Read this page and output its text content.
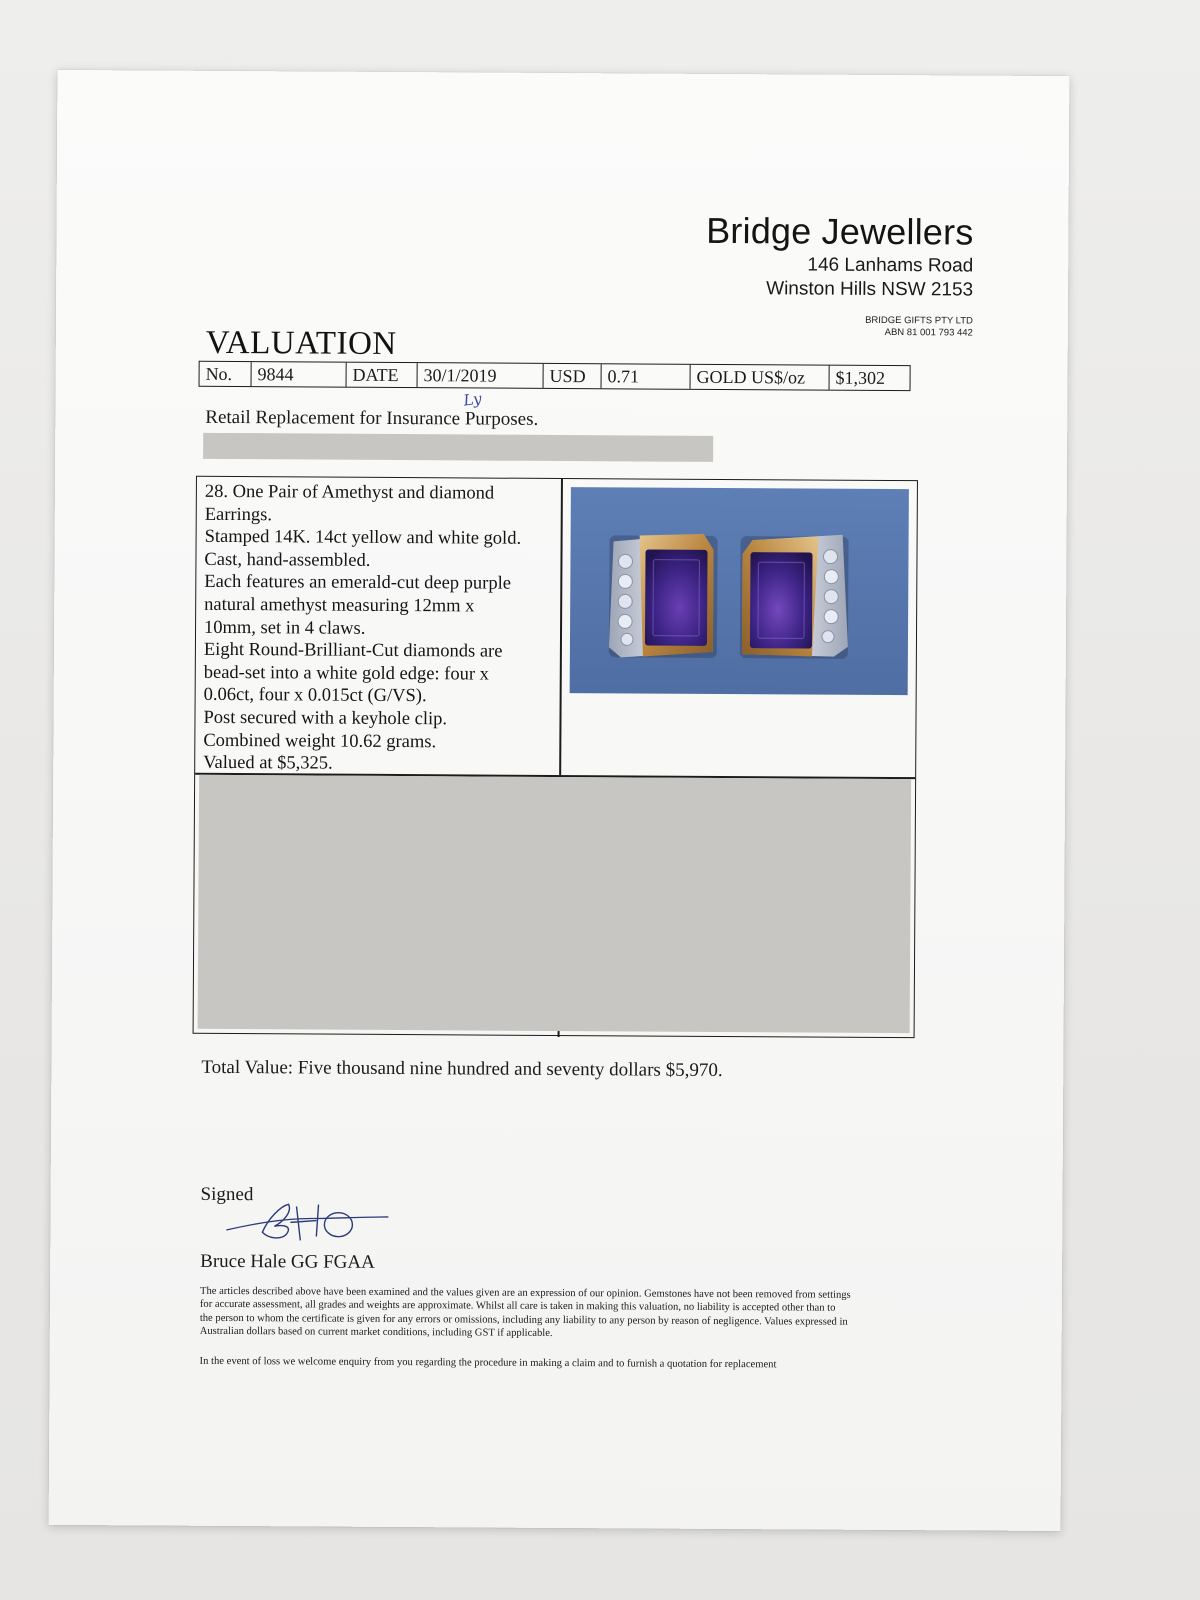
Bridge Jewellers
146 Lanhams Road
Winston Hills NSW 2153
BRIDGE GIFTS PTY LTD
ABN 81 001 793 442
VALUATION
No.	9844	DATE	30/1/2019	USD	0.71	GOLD US$/oz	$1,302
Retail Replacement for Insurance Purposes.
Ly
28. One Pair of Amethyst and diamond
Earrings.
Stamped 14K. 14ct yellow and white gold.
Cast, hand-assembled.
Each features an emerald-cut deep purple
natural amethyst measuring 12mm x
10mm, set in 4 claws.
Eight Round-Brilliant-Cut diamonds are
bead-set into a white gold edge: four x
0.06ct, four x 0.015ct (G/VS).
Post secured with a keyhole clip.
Combined weight 10.62 grams.
Valued at $5,325.
Total Value: Five thousand nine hundred and seventy dollars $5,970.
Signed
Bruce Hale GG FGAA
The articles described above have been examined and the values given are an expression of our opinion. Gemstones have not been removed from settings
for accurate assessment, all grades and weights are approximate. Whilst all care is taken in making this valuation, no liability is accepted other than to
the person to whom the certificate is given for any errors or omissions, including any liability to any person by reason of negligence. Values expressed in
Australian dollars based on current market conditions, including GST if applicable.
In the event of loss we welcome enquiry from you regarding the procedure in making a claim and to furnish a quotation for replacement
